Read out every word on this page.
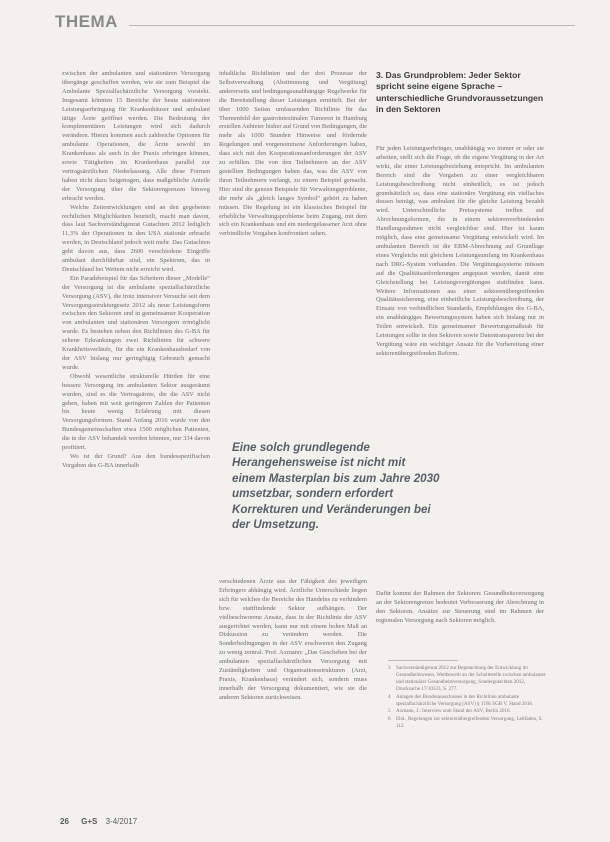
THEMA

zwischen der ambulanten und stationären Versorgung übergänge geschaffen werden, wie sie zum Beispiel die Ambulante Spezialfachärztliche Versorgung vorsieht. Insgesamt könnten 15 Bereiche der heute stationären Leistungserbringung für Krankenhäuser und ambulant tätige Ärzte geöffnet werden. Die Bedeutung der komplementären Leistungen wird sich dadurch verändern. Hierzu kommen auch zahlreiche Optionen für ambulante Operationen, die Ärzte sowohl im Krankenhaus als auch in der Praxis erbringen können, sowie Tätigkeiten im Krankenhaus parallel zur vertragsärztlichen Niederlassung. Alle diese Formen haben nicht dazu beigetragen, dass maßgebliche Anteile der Versorgung über die Sektorengrenzen hinweg erbracht werden.

Welche Zeitentwicklungen sind an den gegebenen rechtlichen Möglichkeiten beurteilt, macht man davon, dass laut Sachverständigenrat Gutachten 2012 lediglich 11,3% der Operationen in den USA stationär erbracht werden, in Deutschland jedoch weit mehr. Das Gutachten geht davon aus, dass 2600 verschiedene Eingriffe ambulant durchführbar sind, ein Spektrum, das in Deutschland bei Weitem nicht erreicht wird.

Ein Paradebeispiel für das Scheitern dieser „Modelle“ der Versorgung ist die ambulante spezialfachärztliche Versorgung (ASV), die trotz intensiver Versuche seit dem Versorgungsstrukturgesetz 2012 als neue Leistungsform zwischen den Sektoren und in gemeinsamer Kooperation von ambulanten und stationären Versorgern ermöglicht wurde. Es bestehen neben den Richtlinien des G-BA für seltene Erkrankungen zwei Richtlinien für schwere Krankheitsverläufe, für die ein Krankenhausbedarf von der ASV bislang nur geringfügig Gebrauch gemacht wurde.

Obwohl wesentliche strukturelle Hürden für eine bessere Versorgung im ambulanten Sektor ausgeräumt wurden, sind es die Vertragsärzte, die die ASV nicht gehen, haben mit weit geringeren Zahlen der Patienten bis heute wenig Erfahrung mit diesen Versorgungsformen. Stand Anfang 2016 wurde von den Bundesgemeinschaften etwa 1500 möglichen Patienten, die in der ASV behandelt werden könnten, nur 334 davon profitiert.

Wo ist der Grund? Aus den bundesspezifischen Vorgaben des G-BA innerhalb

inhaltliche Richtlinien und der drei Prozesse der Selbstverwaltung (Abstimmung und Vergütung) andererseits und bedingungsunabhängige Regelwerke für die Bereitstellung dieser Leistungen ermittelt. Bei der über 1000 Seiten umfassenden Richtlinie für das Themenfeld der gastrointestinalen Tumoren in Hamburg erstellen Anbieter bisher auf Grund von Bedingungen, die mehr als 1000 Stunden Hinweise und fördernde Regelungen und vorgenommene Anforderungen haben, dass sich mit den Kooperationsanforderungen der ASV zu erfüllen. Die von den Teilnehmern an der ASV gestellten Bedingungen haben das, was die ASV von ihren Teilnehmern verlangt, zu einem Beispiel gemacht. Hier sind die ganzen Beispiele für Verwaltungsprobleme, die mehr als „gleich langes Symbol“ gehört zu haben müssen. Die Regelung ist ein klassisches Beispiel für erhebliche Verwaltungsprobleme beim Zugang, mit dem sich ein Krankenhaus und ein niedergelassener Arzt ohne verbindliche Vorgaben konfrontiert sehen.

Eine solch grundlegende Herangehensweise ist nicht mit einem Masterplan bis zum Jahre 2030 umsetzbar, sondern erfordert Korrekturen und Veränderungen bei der Umsetzung.

verschiedenen Ärzte aus der Fähigkeit des jeweiligen Erbringers abhängig wird. Ärztliche Unterschiede liegen sich für welches die Bereiche des Handelns zu verhindern bzw. stattfindende Sektor aufhängen. Der vielbeschworene Ansatz, dass in der Richtlinie der ASV ausgerichtet werden, kann nur mit einem hohen Maß an Diskussion zu verändern werden. Die Sonderbedingungen in der ASV erschweren den Zugang zu wenig zentral. Prof. Axmann: „Das Geschehen bei der ambulanten spezialfachärztlichen Versorgung mit Zuständigkeiten und Organisationsstrukturen (Arzt, Praxis, Krankenhaus) verändert sich, sondern muss innerhalb der Versorgung dokumentiert, wie sie die anderen Sektoren zurückweisen.

3. Das Grundproblem: Jeder Sektor spricht seine eigene Sprache – unterschiedliche Grundvoraussetzungen in den Sektoren

Für jeden Leistungserbringer, unabhängig wo immer er oder sie arbeiten, stellt sich die Frage, ob die eigene Vergütung in der Art wirkt, die einer Leistungsbeziehung entspricht. Im ambulanten Bereich sind die Vorgaben zu einer vergleichbaren Leistungsbeschreibung nicht einheitlich, es ist jedoch grundsätzlich so, dass eine stationäre Vergütung ein vielfaches dessen beträgt, was ambulant für die gleiche Leistung bezahlt wird. Unterschiedliche Preissysteme treffen auf Abrechnungsformen, die in einem sektorenverbindenden Handlungsrahmen nicht vergleichbar sind. Hier ist kaum möglich, dass eine gemeinsame Vergütung entwickelt wird. Im ambulanten Bereich ist die EBM-Abrechnung auf Grundlage eines Vergleichs mit gleichem Leistungsumfang im Krankenhaus nach DRG-System vorhanden. Die Vergütungssysteme müssen auf die Qualitätsanforderungen angepasst werden, damit eine Gleichstellung bei Leistungsvergütungen stattfinden kann. Weitere Informationen aus einer sektorenübergreifenden Qualitätssicherung, eine einheitliche Leistungsbeschreibung, der Einsatz von verbindlichen Standards, Empfehlungen des G-BA, ein unabhängiges Bewertungssystem haben sich bislang nur in Teilen entwickelt. Ein gemeinsamer Bewertungsmaßstab für Leistungen sollte in den Sektoren sowie Datentransparenz bei der Vergütung wäre ein wichtiger Ansatz für die Vorbereitung einer sektorenübergreifenden Reform.

Dafür kommt der Rahmen der Sektoren: Gesundheitsversorgung an der Sektorengrenze bedeutet Verbesserung der Abrechnung in den Sektoren. Ansätze zur Steuerung sind im Rahmen der regionalen Versorgung nach Sektoren möglich.

3	Sachverständigenrat 2012 zur Begutachtung der Entwicklung im Gesundheitswesen, Wettbewerb an der Schnittstelle zwischen ambulanter und stationärer Gesundheitsversorgung, Sondergutachten 2012, Drucksache 17/10323, S. 277.
4	Anlagen des Bundesausschusses in der Richtlinie ambulante spezialfachärztliche Versorgung (ASV) § 116b SGB V, Stand 2016.
5	Axmann, J.: Interview zum Stand der ASV, Berlin 2016.
6	Ebd., Regelungen zur sektorenübergreifenden Versorgung, Leitfaden, S. 112.
26 G+S 3-4/2017
